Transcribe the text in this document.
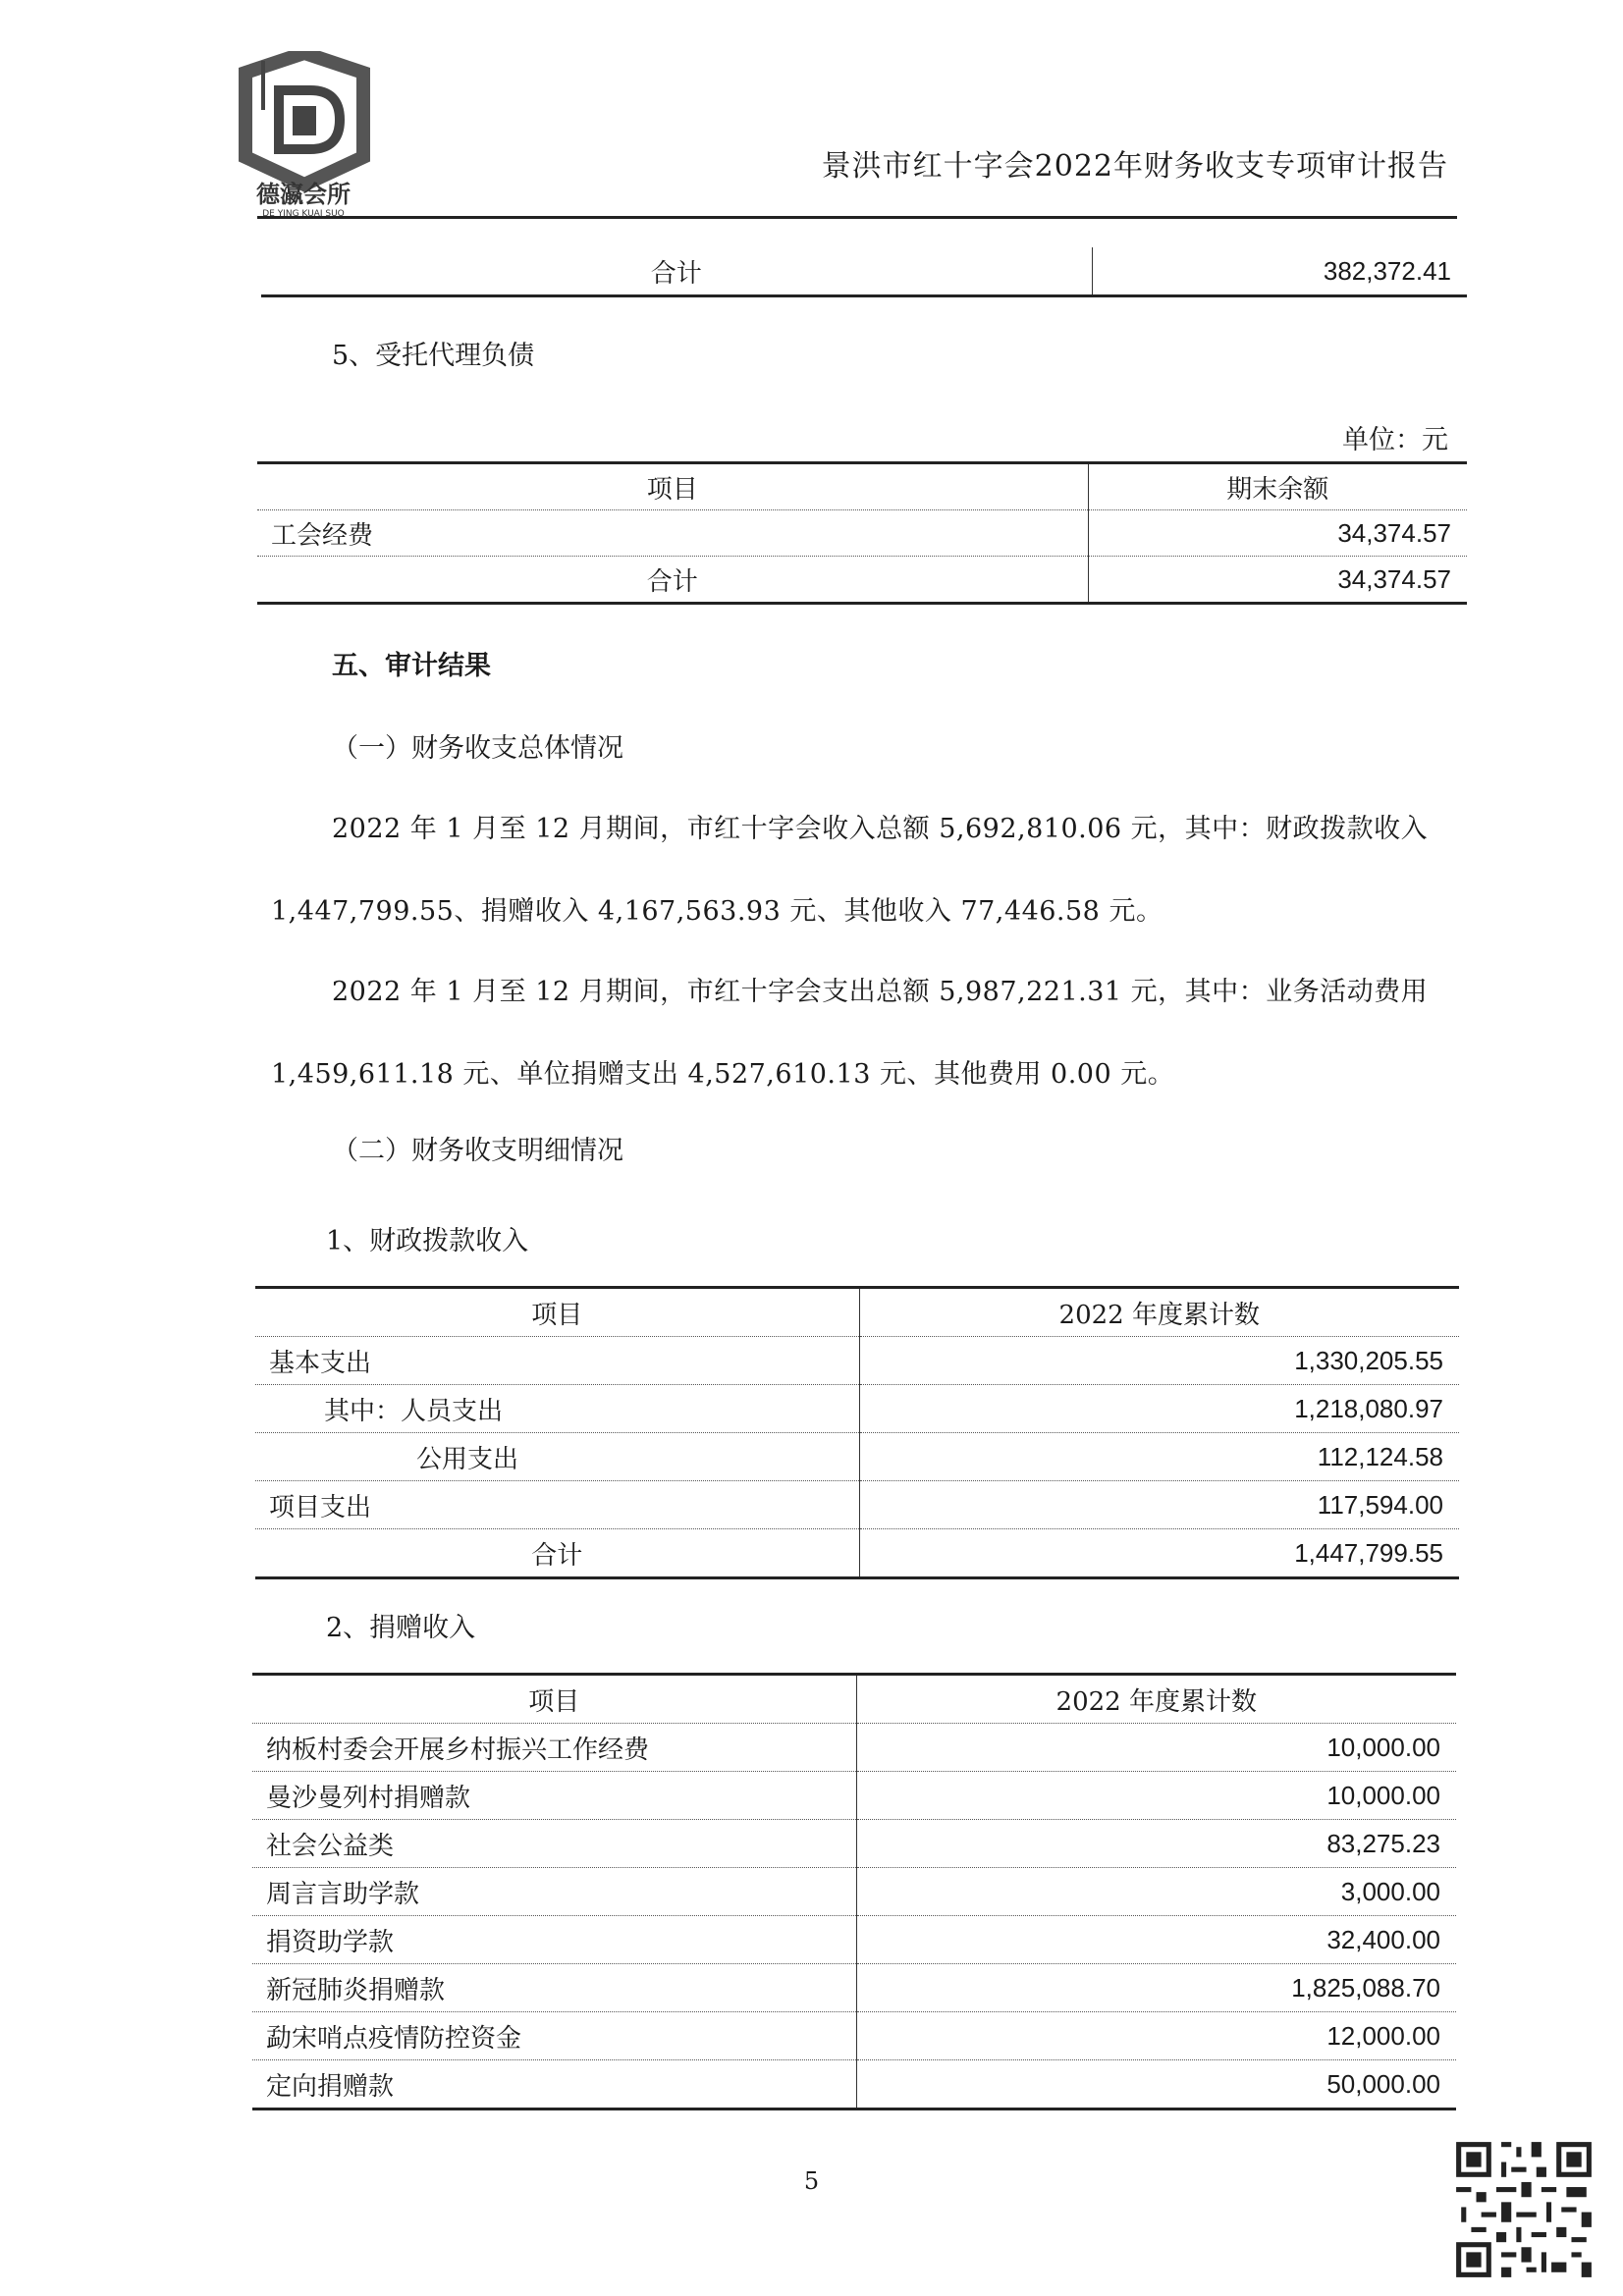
德瀛会所
DE YING KUAI SUO
景洪市红十字会2022年财务收支专项审计报告
合计	382,372.41
5、受托代理负债
单位：元
项目	期末余额
工会经费	34,374.57
合计	34,374.57
五、审计结果
（一）财务收支总体情况
2022 年 1 月至 12 月期间，市红十字会收入总额 5,692,810.06 元，其中：财政拨款收入
1,447,799.55、捐赠收入 4,167,563.93 元、其他收入 77,446.58 元。
2022 年 1 月至 12 月期间，市红十字会支出总额 5,987,221.31 元，其中：业务活动费用
1,459,611.18 元、单位捐赠支出 4,527,610.13 元、其他费用 0.00 元。
（二）财务收支明细情况
1、财政拨款收入
项目	2022 年度累计数
基本支出	1,330,205.55
其中：人员支出	1,218,080.97
公用支出	112,124.58
项目支出	117,594.00
合计	1,447,799.55
2、捐赠收入
项目	2022 年度累计数
纳板村委会开展乡村振兴工作经费	10,000.00
曼沙曼列村捐赠款	10,000.00
社会公益类	83,275.23
周言言助学款	3,000.00
捐资助学款	32,400.00
新冠肺炎捐赠款	1,825,088.70
勐宋哨点疫情防控资金	12,000.00
定向捐赠款	50,000.00
5
